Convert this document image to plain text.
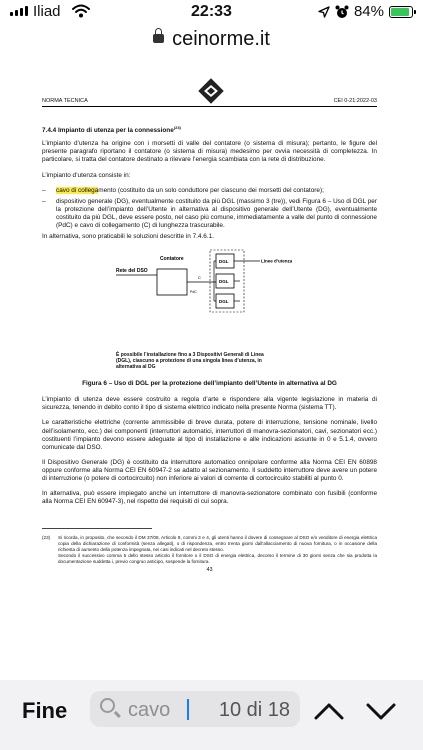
Iliad	22:33	84%
ceinorme.it
NORMA TECNICA	CEI 0-21:2022-03

7.4.4 Impianto di utenza per la connessione$^{(23)}$

L’impianto d’utenza ha origine con i morsetti di valle del contatore (o sistema di misura); pertanto, le figure del presente paragrafo riportano il contatore (o sistema di misura) medesimo per ovvia necessità di completezza. In particolare, si tratta del contatore destinato a rilevare l’energia scambiata con la rete di distribuzione.

L’impianto d’utenza consiste in:

– cavo di collegamento (costituito da un solo conduttore per ciascuno dei morsetti del contatore);

– dispositivo generale (DG), eventualmente costituito da più DGL (massimo 3 (tre)), vedi Figura 6 – Uso di DGL per la protezione dell’impianto dell’Utente in alternativa al dispositivo generale dell’Utente (DG), eventualmente costituito da più DGL, deve essere posto, nel caso più comune, immediatamente a valle del punto di connessione (PdC) e cavo di collegamento (C) di lunghezza trascurabile.

In alternativa, sono praticabili le soluzioni descritte in 7.4.6.1.

Contatore
Rete del DSO
C
PdC
DGL
DGL
DGL
Linee d’utenza
È possibile l’installazione fino a 3 Dispositivi Generali di Linea (DGL), ciascuno a protezione di una singola linea d’utenza, in alternativa al DG

Figura 6 – Uso di DGL per la protezione dell’impianto dell’Utente in alternativa al DG

L’impianto di utenza deve essere costruito a regola d’arte e rispondere alla vigente legislazione in materia di sicurezza, tenendo in debito conto il tipo di sistema elettrico indicato nella presente Norma (sistema TT).

Le caratteristiche elettriche (corrente ammissibile di breve durata, potere di interruzione, tensione nominale, livello dell’isolamento, ecc.) dei componenti (interruttori automatici, interruttori di manovra-sezionatori, cavi, sezionatori ecc.) costituenti l’impianto devono essere adeguate al tipo di installazione e alle indicazioni assunte in 0 e 5.1.4, ovvero comunicate dal DSO.

Il Dispositivo Generale (DG) è costituito da interruttore automatico onnipolare conforme alla Norma CEI EN 60898 oppure conforme alla Norma CEI EN 60947-2 se adatto al sezionamento. Il suddetto interruttore deve avere un potere di interruzione (o potere di cortocircuito) non inferiore ai valori di corrente di cortocircuito stabiliti al punto 0.

In alternativa, può essere impiegato anche un interruttore di manovra-sezionatore combinato con fusibili (conforme alla Norma CEI EN 60947-3), nel rispetto dei requisiti di cui sopra.

(23) Si ricorda, in proposito, che secondo il DM 37/08, Articolo 8, commi 3 e 4, gli utenti hanno il dovere di consegnare al DSO e/o venditore di energia elettrica copia della dichiarazione di conformità (senza allegati), o di rispondenza, entro trenta giorni dall’allacciamento di nuova fornitura, o in occasione della richiesta di aumento della potenza impegnata, nei casi indicati nel decreto stesso.
Secondo il successivo comma 5 dello stesso articolo il fornitore o il DSO di energia elettrica, decorso il termine di 30 giorni senza che sia prodotta la documentazione suddetta i, previo congruo anticipo, sospende la fornitura.
43
Fine	cavo	10 di 18
